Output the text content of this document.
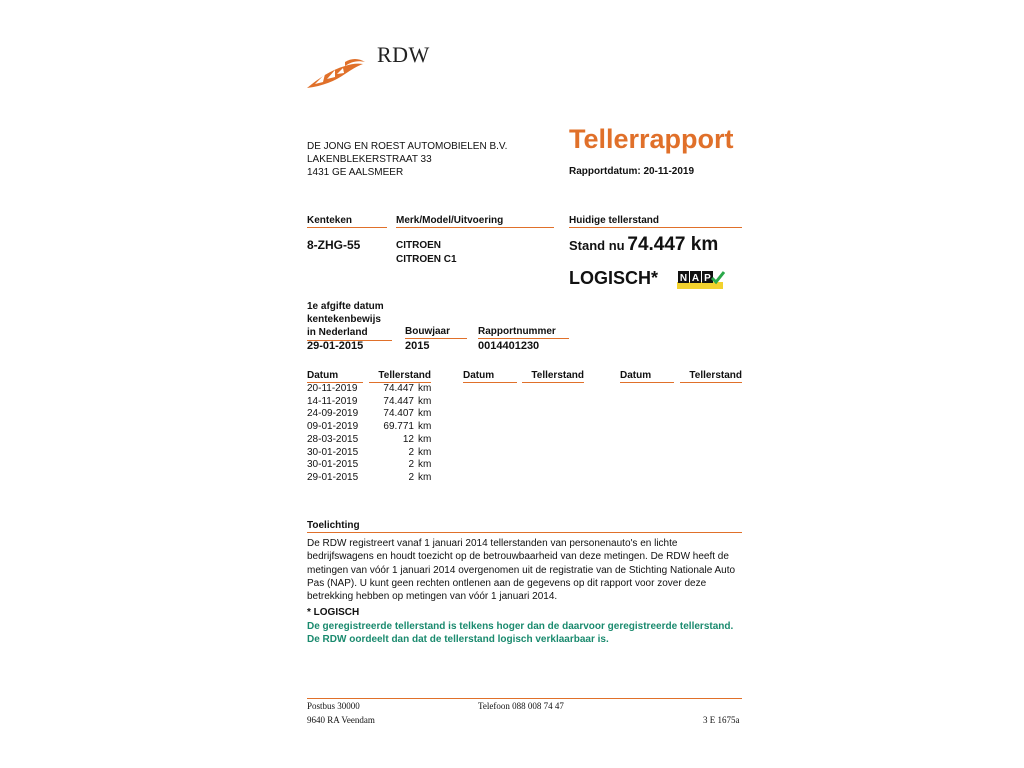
RDW
DE JONG EN ROEST AUTOMOBIELEN B.V.
LAKENBLEKERSTRAAT 33
1431 GE AALSMEER
Tellerrapport
Rapportdatum: 20-11-2019
Kenteken	Merk/Model/Uitvoering	Huidige tellerstand
8-ZHG-55	CITROEN
CITROEN C1
Stand nu 74.447 km
LOGISCH* N A P
1e afgifte datum
kentekenbewijs
in Nederland	Bouwjaar	Rapportnummer
29-01-2015	2015	0014401230
Datum	Tellerstand	Datum	Tellerstand	Datum	Tellerstand
20-11-2019	74.447	km
14-11-2019	74.447	km
24-09-2019	74.407	km
09-01-2019	69.771	km
28-03-2015	12	km
30-01-2015	2	km
30-01-2015	2	km
29-01-2015	2	km
Toelichting
De RDW registreert vanaf 1 januari 2014 tellerstanden van personenauto's en lichte bedrijfswagens en houdt toezicht op de betrouwbaarheid van deze metingen. De RDW heeft de metingen van vóór 1 januari 2014 overgenomen uit de registratie van de Stichting Nationale Auto Pas (NAP). U kunt geen rechten ontlenen aan de gegevens op dit rapport voor zover deze betrekking hebben op metingen van vóór 1 januari 2014.
* LOGISCH
De geregistreerde tellerstand is telkens hoger dan de daarvoor geregistreerde tellerstand. De RDW oordeelt dan dat de tellerstand logisch verklaarbaar is.
Postbus 30000	Telefoon 088 008 74 47
9640 RA Veendam	3 E 1675a
